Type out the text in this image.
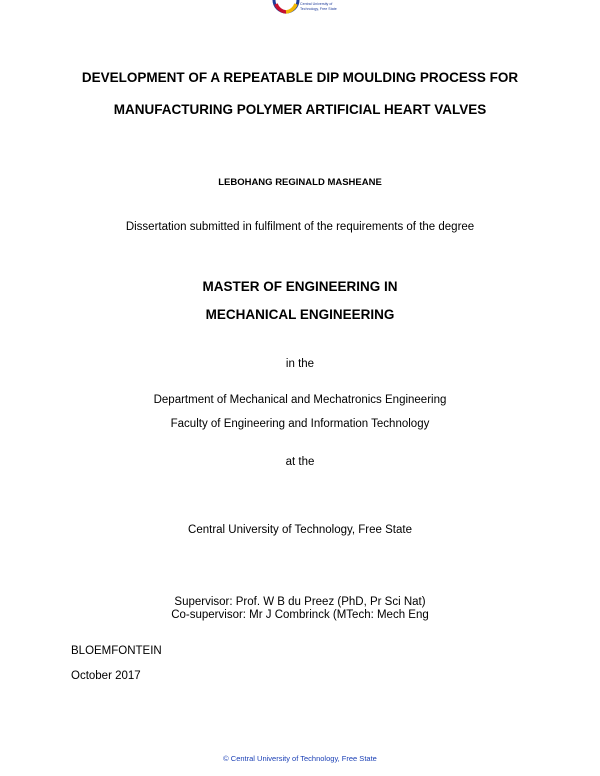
Central University of
Technology, Free State
DEVELOPMENT OF A REPEATABLE DIP MOULDING PROCESS FOR
MANUFACTURING POLYMER ARTIFICIAL HEART VALVES
LEBOHANG REGINALD MASHEANE
Dissertation submitted in fulfilment of the requirements of the degree
MASTER OF ENGINEERING IN
MECHANICAL ENGINEERING
in the
Department of Mechanical and Mechatronics Engineering
Faculty of Engineering and Information Technology
at the
Central University of Technology, Free State
Supervisor: Prof. W B du Preez (PhD, Pr Sci Nat)
Co-supervisor: Mr J Combrinck (MTech: Mech Eng
BLOEMFONTEIN
October 2017
© Central University of Technology, Free State
